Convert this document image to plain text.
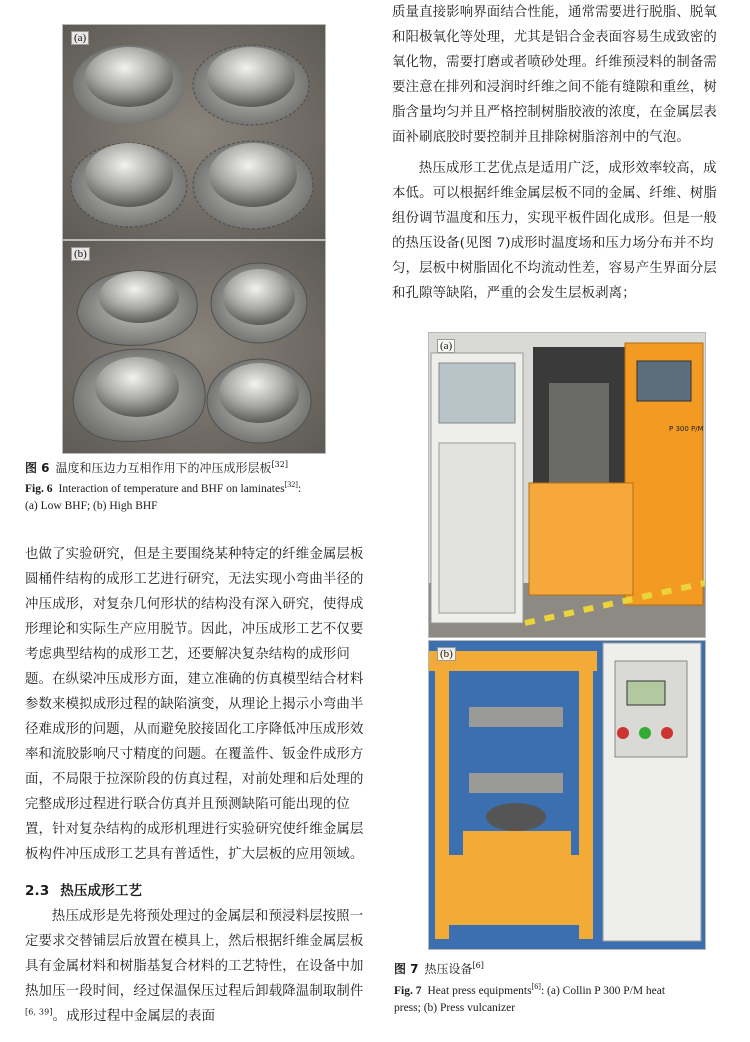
(a)
(b)
图 6 温度和压边力互相作用下的冲压成形层板[32]
Fig. 6 Interaction of temperature and BHF on laminates[32]:
(a) Low BHF; (b) High BHF

质量直接影响界面结合性能，通常需要进行脱脂、脱氧和阳极氧化等处理，尤其是铝合金表面容易生成致密的氧化物，需要打磨或者喷砂处理。纤维预浸料的制备需要注意在排列和浸润时纤维之间不能有缝隙和重丝，树脂含量均匀并且严格控制树脂胶液的浓度，在金属层表面补刷底胶时要控制并且排除树脂溶剂中的气泡。

热压成形工艺优点是适用广泛，成形效率较高，成本低。可以根据纤维金属层板不同的金属、纤维、树脂组份调节温度和压力，实现平板件固化成形。但是一般的热压设备(见图 7)成形时温度场和压力场分布并不均匀，层板中树脂固化不均流动性差，容易产生界面分层和孔隙等缺陷，严重的会发生层板剥离；

P 300 P/M
(a)
(b)
图 7 热压设备[6]
Fig. 7 Heat press equipments[6]: (a) Collin P 300 P/M heat
press; (b) Press vulcanizer

也做了实验研究，但是主要围绕某种特定的纤维金属层板圆桶件结构的成形工艺进行研究，无法实现小弯曲半径的冲压成形，对复杂几何形状的结构没有深入研究，使得成形理论和实际生产应用脱节。因此，冲压成形工艺不仅要考虑典型结构的成形工艺，还要解决复杂结构的成形问题。在纵梁冲压成形方面，建立准确的仿真模型结合材料参数来模拟成形过程的缺陷演变，从理论上揭示小弯曲半径难成形的问题，从而避免胶接固化工序降低冲压成形效率和流胶影响尺寸精度的问题。在覆盖件、钣金件成形方面，不局限于拉深阶段的仿真过程，对前处理和后处理的完整成形过程进行联合仿真并且预测缺陷可能出现的位置，针对复杂结构的成形机理进行实验研究使纤维金属层板构件冲压成形工艺具有普适性，扩大层板的应用领域。

2.3 热压成形工艺

热压成形是先将预处理过的金属层和预浸料层按照一定要求交替铺层后放置在模具上，然后根据纤维金属层板具有金属材料和树脂基复合材料的工艺特性，在设备中加热加压一段时间，经过保温保压过程后卸载降温制取制件[6, 39]。成形过程中金属层的表面
